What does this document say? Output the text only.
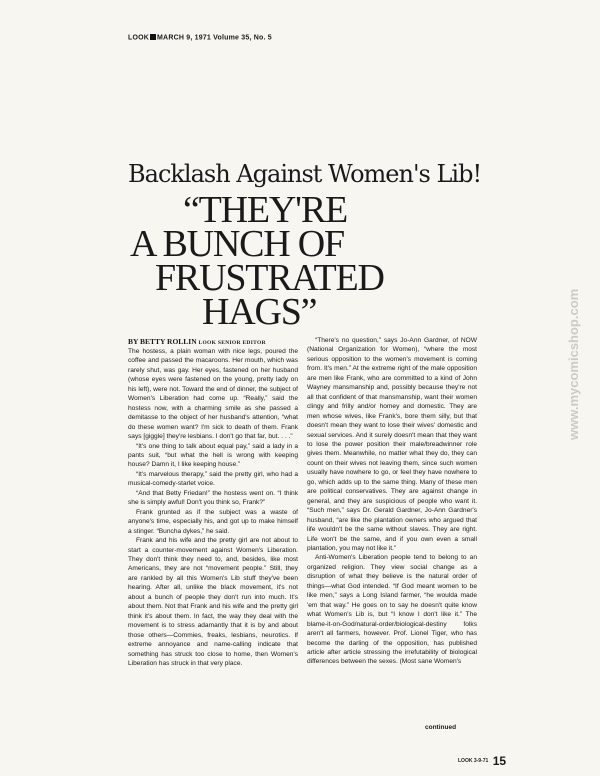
LOOK MARCH 9, 1971 Volume 35, No. 5
Backlash Against Women's Lib!
“THEY'RE
A BUNCH OF
FRUSTRATED
HAGS”
BY BETTY ROLLIN LOOK SENIOR EDITOR

The hostess, a plain woman with nice legs, poured the coffee and passed the macaroons. Her mouth, which was rarely shut, was gay. Her eyes, fastened on her husband (whose eyes were fastened on the young, pretty lady on his left), were not. Toward the end of dinner, the subject of Women's Liberation had come up. “Really,” said the hostess now, with a charming smile as she passed a demitasse to the object of her husband's attention, “what do these women want? I'm sick to death of them. Frank says [giggle] they're lesbians. I don't go that far, but. . . .”

“It's one thing to talk about equal pay,” said a lady in a pants suit, “but what the hell is wrong with keeping house? Damn it, I like keeping house.”

“It's marvelous therapy,” said the pretty girl, who had a musical-comedy-starlet voice.

“And that Betty Friedan!” the hostess went on. “I think she is simply awful! Don't you think so, Frank?”

Frank grunted as if the subject was a waste of anyone's time, especially his, and got up to make himself a stinger. “Buncha dykes,” he said.

Frank and his wife and the pretty girl are not about to start a counter-movement against Women's Liberation. They don't think they need to, and, besides, like most Americans, they are not “movement people.” Still, they are rankled by all this Women's Lib stuff they've been hearing. After all, unlike the black movement, it's not about a bunch of people they don't run into much. It's about them. Not that Frank and his wife and the pretty girl think it's about them. In fact, the way they deal with the movement is to stress adamantly that it is by and about those others—Commies, freaks, lesbians, neurotics. If extreme annoyance and name-calling indicate that something has struck too close to home, then Women's Liberation has struck in that very place.

“There's no question,” says Jo-Ann Gardner, of NOW (National Organization for Women), “where the most serious opposition to the women's movement is coming from. It's men.” At the extreme right of the male opposition are men like Frank, who are committed to a kind of John Wayney mansmanship and, possibly because they're not all that confident of that mansmanship, want their women clingy and frilly and/or homey and domestic. They are men whose wives, like Frank's, bore them silly, but that doesn't mean they want to lose their wives' domestic and sexual services. And it surely doesn't mean that they want to lose the power position their male/breadwinner role gives them. Meanwhile, no matter what they do, they can count on their wives not leaving them, since such women usually have nowhere to go, or feel they have nowhere to go, which adds up to the same thing. Many of these men are political conservatives. They are against change in general, and they are suspicious of people who want it. “Such men,” says Dr. Gerald Gardner, Jo-Ann Gardner's husband, “are like the plantation owners who argued that life wouldn't be the same without slaves. They are right. Life won't be the same, and if you own even a small plantation, you may not like it.”

Anti-Women's Liberation people tend to belong to an organized religion. They view social change as a disruption of what they believe is the natural order of things—what God intended. “If God meant women to be like men,” says a Long Island farmer, “he woulda made 'em that way.” He goes on to say he doesn't quite know what Women's Lib is, but “I know I don't like it.” The blame-it-on-God/natural-order/biological-destiny folks aren't all farmers, however. Prof. Lionel Tiger, who has become the darling of the opposition, has published article after article stressing the irrefutability of biological differences between the sexes. (Most sane Women's

continued
LOOK 3-9-71 15
www.mycomicshop.com
